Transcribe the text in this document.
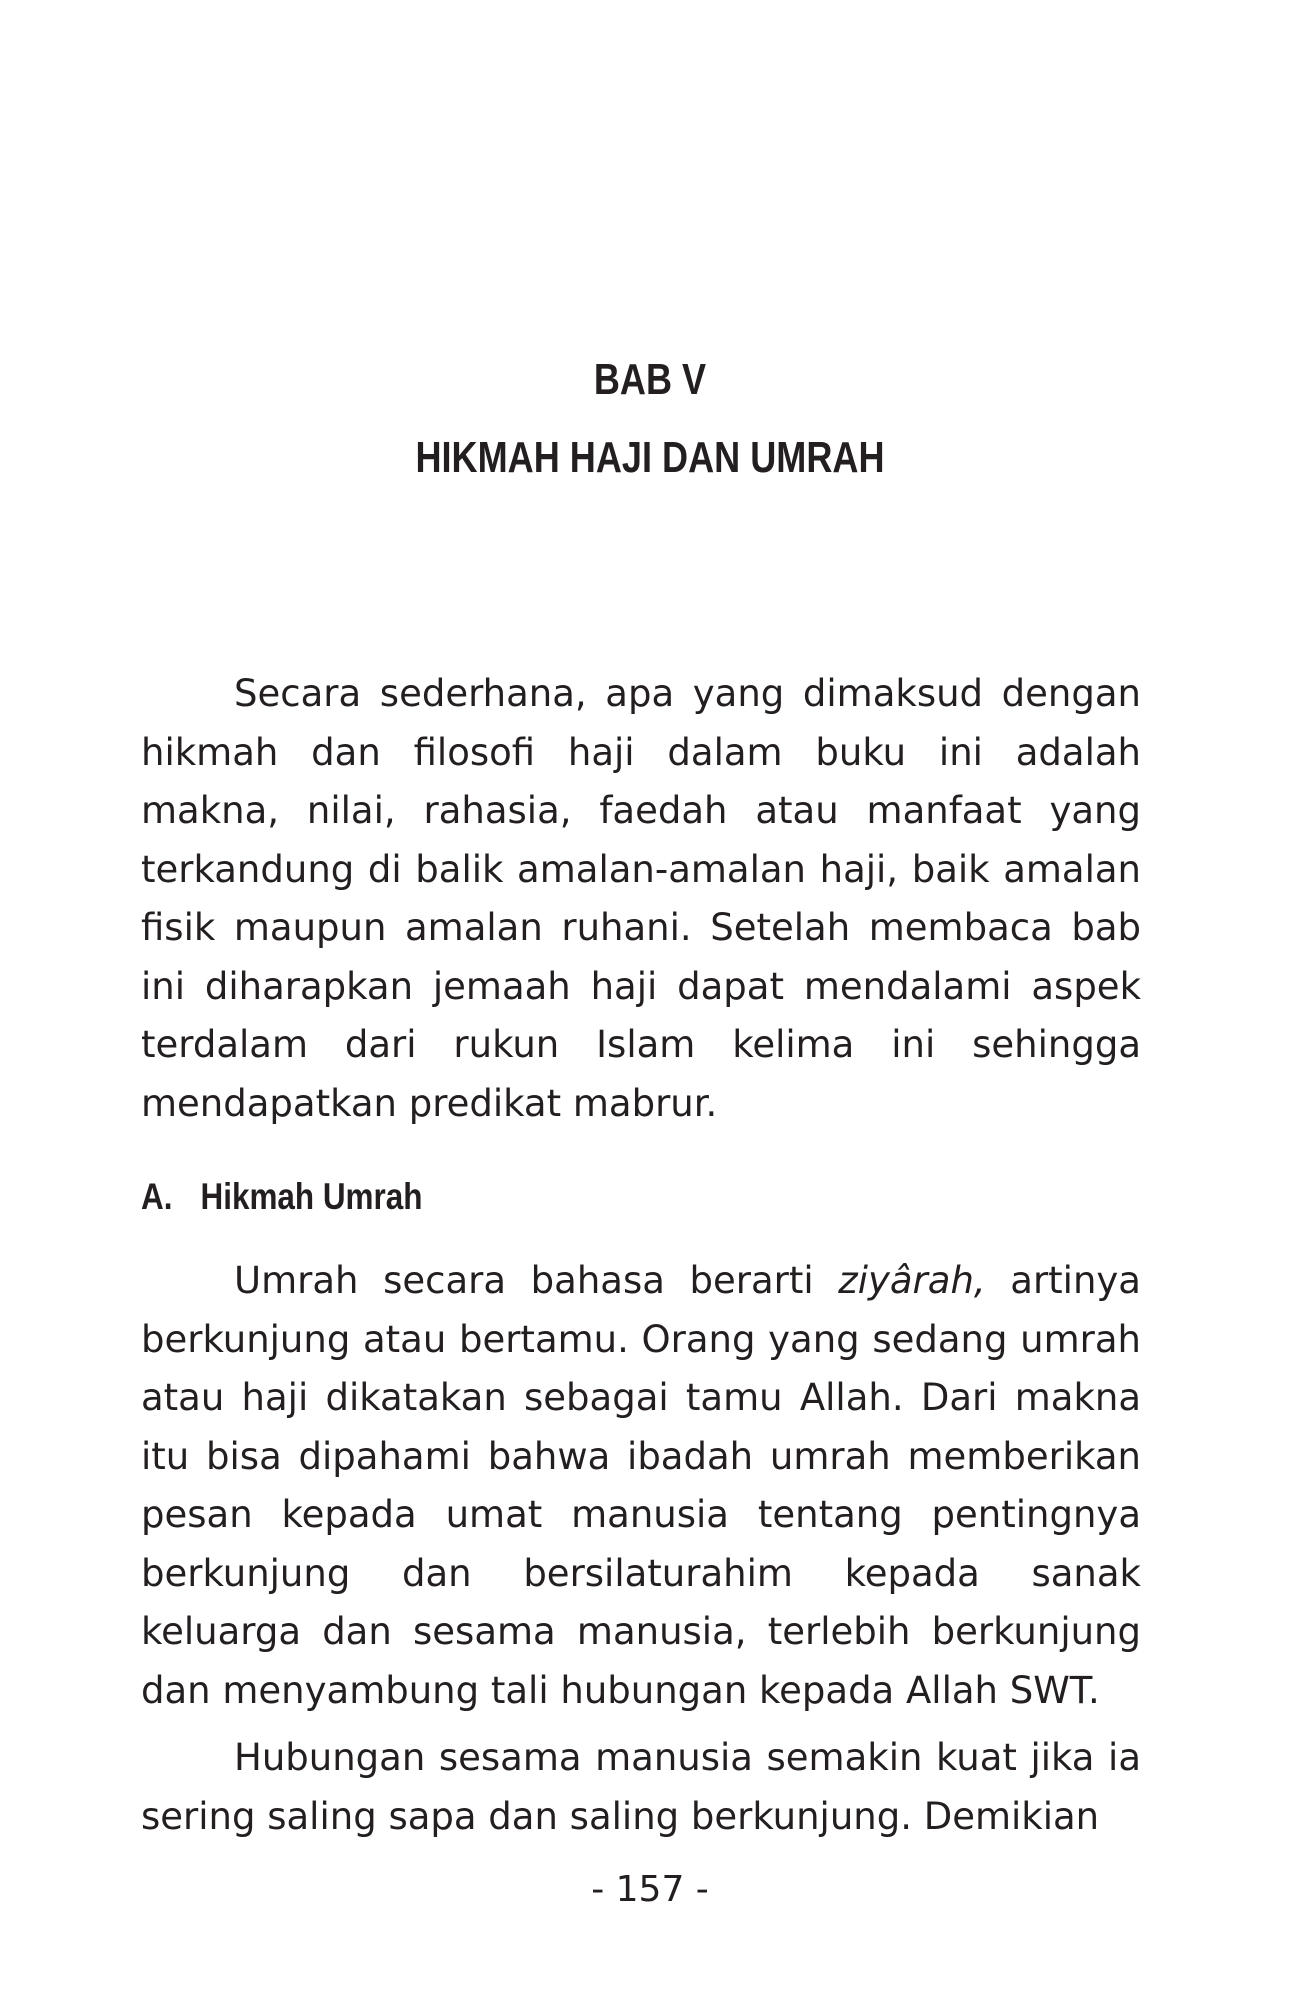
BAB V
HIKMAH HAJI DAN UMRAH

Secara sederhana, apa yang dimaksud dengan hikmah dan filosofi haji dalam buku ini adalah makna, nilai, rahasia, faedah atau manfaat yang terkandung di balik amalan-amalan haji, baik amalan fisik maupun amalan ruhani. Setelah membaca bab ini diharapkan jemaah haji dapat mendalami aspek terdalam dari rukun Islam kelima ini sehingga mendapatkan predikat mabrur.

A. Hikmah Umrah

Umrah secara bahasa berarti ziyârah, artinya berkunjung atau bertamu. Orang yang sedang umrah atau haji dikatakan sebagai tamu Allah. Dari makna itu bisa dipahami bahwa ibadah umrah memberikan pesan kepada umat manusia tentang pentingnya berkunjung dan bersilaturahim kepada sanak keluarga dan sesama manusia, terlebih berkunjung dan menyambung tali hubungan kepada Allah SWT.

Hubungan sesama manusia semakin kuat jika ia sering saling sapa dan saling berkunjung. Demikian

- 157 -
